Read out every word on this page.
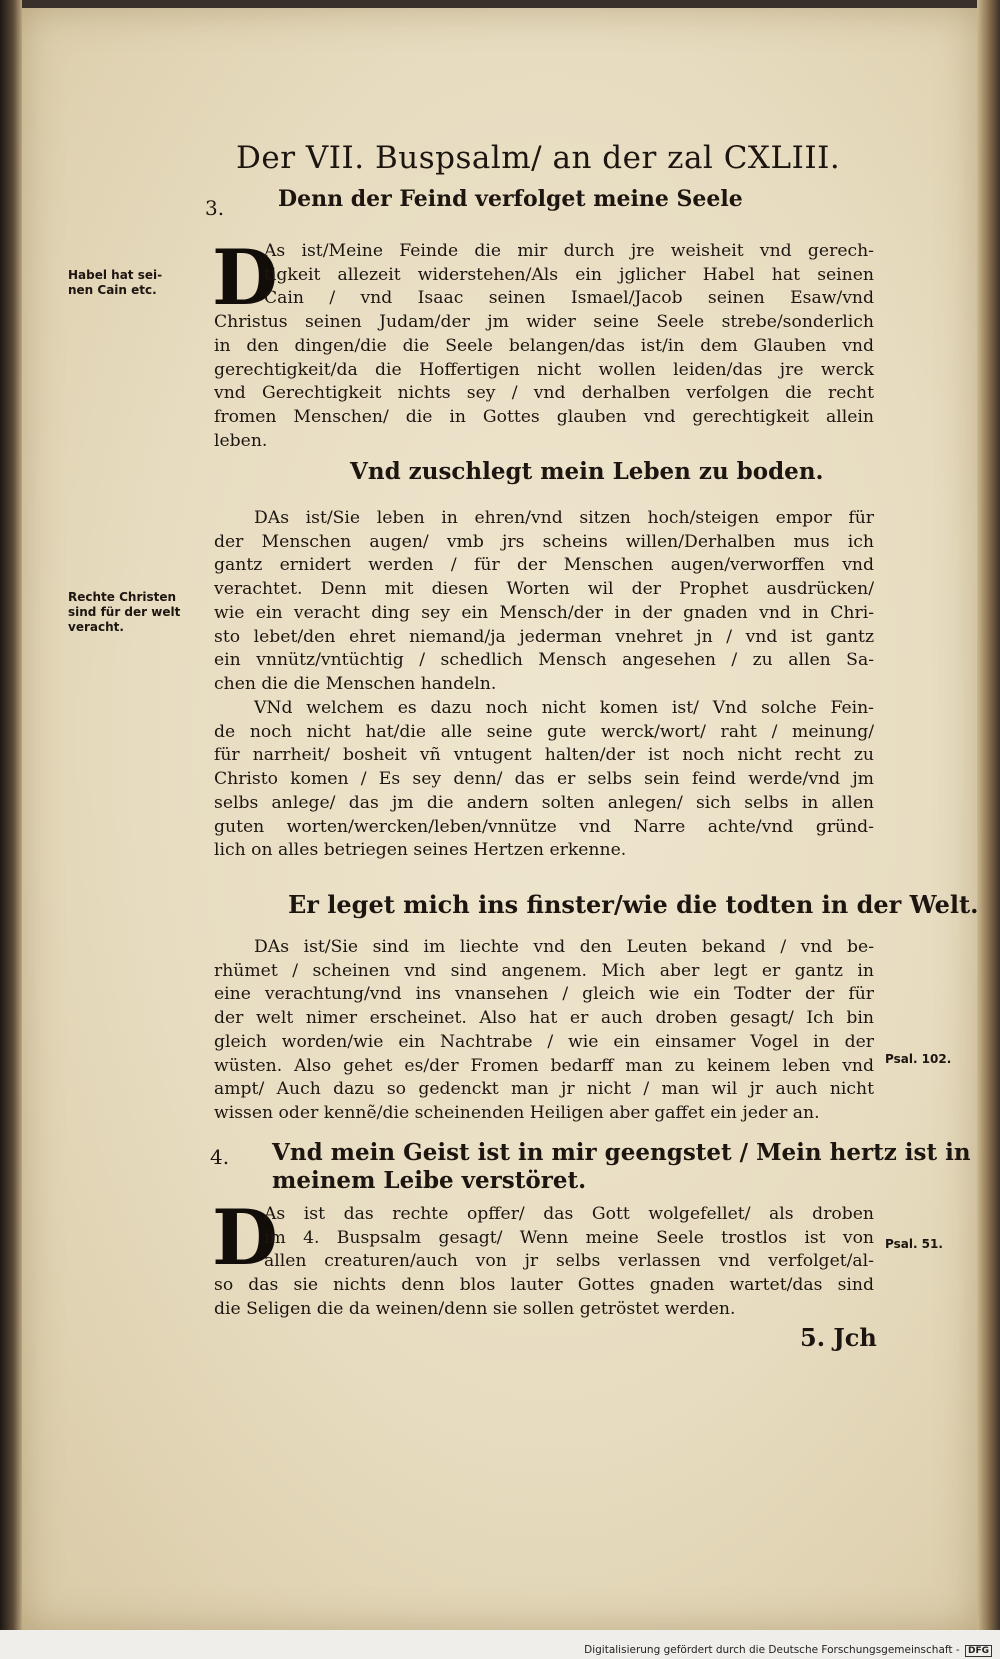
Der VII. Buspsalm/ an der zal CXLIII.
3. Denn der Feind verfolget meine Seele
Habel hat sei-
nen Cain etc. D
As ist/Meine Feinde die mir durch jre weisheit vnd gerech-
tigkeit allezeit widerstehen/Als ein jglicher Habel hat seinen
Cain / vnd Isaac seinen Ismael/Jacob seinen Esaw/vnd
Christus seinen Judam/der jm wider seine Seele strebe/sonderlich
in den dingen/die die Seele belangen/das ist/in dem Glauben vnd
gerechtigkeit/da die Hoffertigen nicht wollen leiden/das jre werck
vnd Gerechtigkeit nichts sey / vnd derhalben verfolgen die recht
fromen Menschen/ die in Gottes glauben vnd gerechtigkeit allein
leben.
Vnd zuschlegt mein Leben zu boden.
DAs ist/Sie leben in ehren/vnd sitzen hoch/steigen empor für
der Menschen augen/ vmb jrs scheins willen/Derhalben mus ich
gantz ernidert werden / für der Menschen augen/verworffen vnd
verachtet. Denn mit diesen Worten wil der Prophet ausdrücken/
wie ein veracht ding sey ein Mensch/der in der gnaden vnd in Chri-
sto lebet/den ehret niemand/ja jederman vnehret jn / vnd ist gantz
ein vnnütz/vntüchtig / schedlich Mensch angesehen / zu allen Sa-
chen die die Menschen handeln.
Rechte Christen
sind für der welt
veracht.
VNd welchem es dazu noch nicht komen ist/ Vnd solche Fein-
de noch nicht hat/die alle seine gute werck/wort/ raht / meinung/
für narrheit/ bosheit vñ vntugent halten/der ist noch nicht recht zu
Christo komen / Es sey denn/ das er selbs sein feind werde/vnd jm
selbs anlege/ das jm die andern solten anlegen/ sich selbs in allen
guten worten/wercken/leben/vnnütze vnd Narre achte/vnd gründ-
lich on alles betriegen seines Hertzen erkenne.
Er leget mich ins finster/wie die todten in der Welt.
DAs ist/Sie sind im liechte vnd den Leuten bekand / vnd be-
rhümet / scheinen vnd sind angenem. Mich aber legt er gantz in
eine verachtung/vnd ins vnansehen / gleich wie ein Todter der für
der welt nimer erscheinet. Also hat er auch droben gesagt/ Ich bin
gleich worden/wie ein Nachtrabe / wie ein einsamer Vogel in der
wüsten. Also gehet es/der Fromen bedarff man zu keinem leben vnd
ampt/ Auch dazu so gedenckt man jr nicht / man wil jr auch nicht
wissen oder kennẽ/die scheinenden Heiligen aber gaffet ein jeder an.
Psal. 102.
4. Vnd mein Geist ist in mir geengstet / Mein hertz ist in
meinem Leibe verstöret.
D
As ist das rechte opffer/ das Gott wolgefellet/ als droben
im 4. Buspsalm gesagt/ Wenn meine Seele trostlos ist von
allen creaturen/auch von jr selbs verlassen vnd verfolget/al-
so das sie nichts denn blos lauter Gottes gnaden wartet/das sind
die Seligen die da weinen/denn sie sollen getröstet werden.
Psal. 51.
5. Jch
Digitalisierung gefördert durch die Deutsche Forschungsgemeinschaft - DFG
